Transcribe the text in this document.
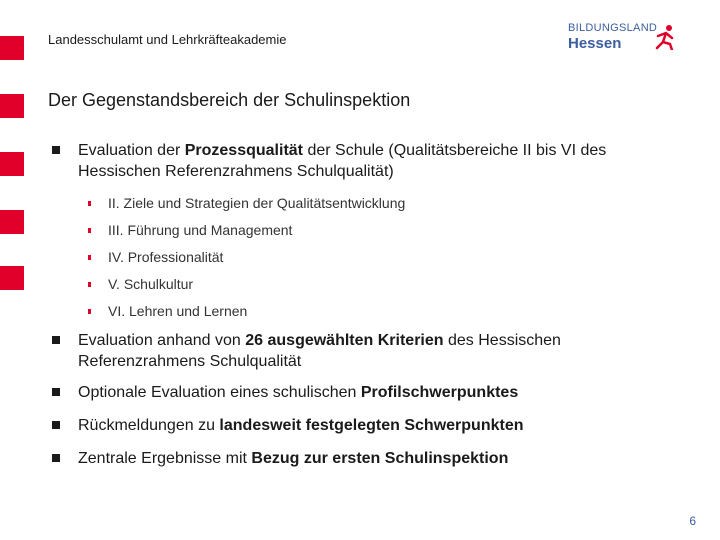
Landesschulamt und Lehrkräfteakademie
BILDUNGSLAND
Hessen
Der Gegenstandsbereich der Schulinspektion
Evaluation der Prozessqualität der Schule (Qualitätsbereiche II bis VI des Hessischen Referenzrahmens Schulqualität)
II. Ziele und Strategien der Qualitätsentwicklung
III. Führung und Management
IV. Professionalität
V. Schulkultur
VI. Lehren und Lernen
Evaluation anhand von 26 ausgewählten Kriterien des Hessischen Referenzrahmens Schulqualität
Optionale Evaluation eines schulischen Profilschwerpunktes
Rückmeldungen zu landesweit festgelegten Schwerpunkten
Zentrale Ergebnisse mit Bezug zur ersten Schulinspektion
6
